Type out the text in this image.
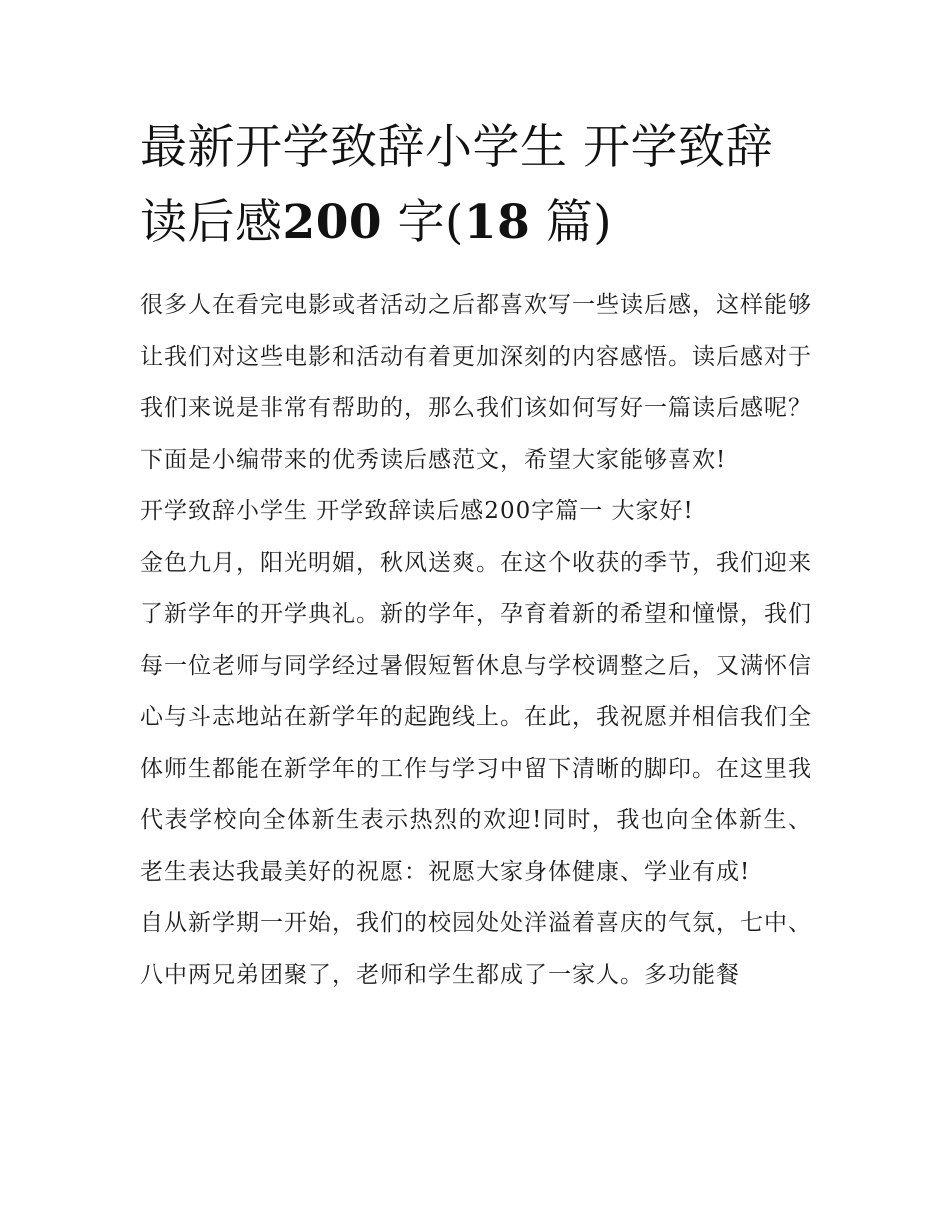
最新开学致辞小学生 开学致辞
读后感200 字(18 篇)

很多人在看完电影或者活动之后都喜欢写一些读后感，这样能够让我们对这些电影和活动有着更加深刻的内容感悟。读后感对于我们来说是非常有帮助的，那么我们该如何写好一篇读后感呢？下面是小编带来的优秀读后感范文，希望大家能够喜欢!

开学致辞小学生 开学致辞读后感200字篇一 大家好!

金色九月，阳光明媚，秋风送爽。在这个收获的季节，我们迎来了新学年的开学典礼。新的学年，孕育着新的希望和憧憬，我们每一位老师与同学经过暑假短暂休息与学校调整之后，又满怀信心与斗志地站在新学年的起跑线上。在此，我祝愿并相信我们全体师生都能在新学年的工作与学习中留下清晰的脚印。在这里我代表学校向全体新生表示热烈的欢迎!同时，我也向全体新生、老生表达我最美好的祝愿：祝愿大家身体健康、学业有成!

自从新学期一开始，我们的校园处处洋溢着喜庆的气氛，七中、八中两兄弟团聚了，老师和学生都成了一家人。多功能餐
